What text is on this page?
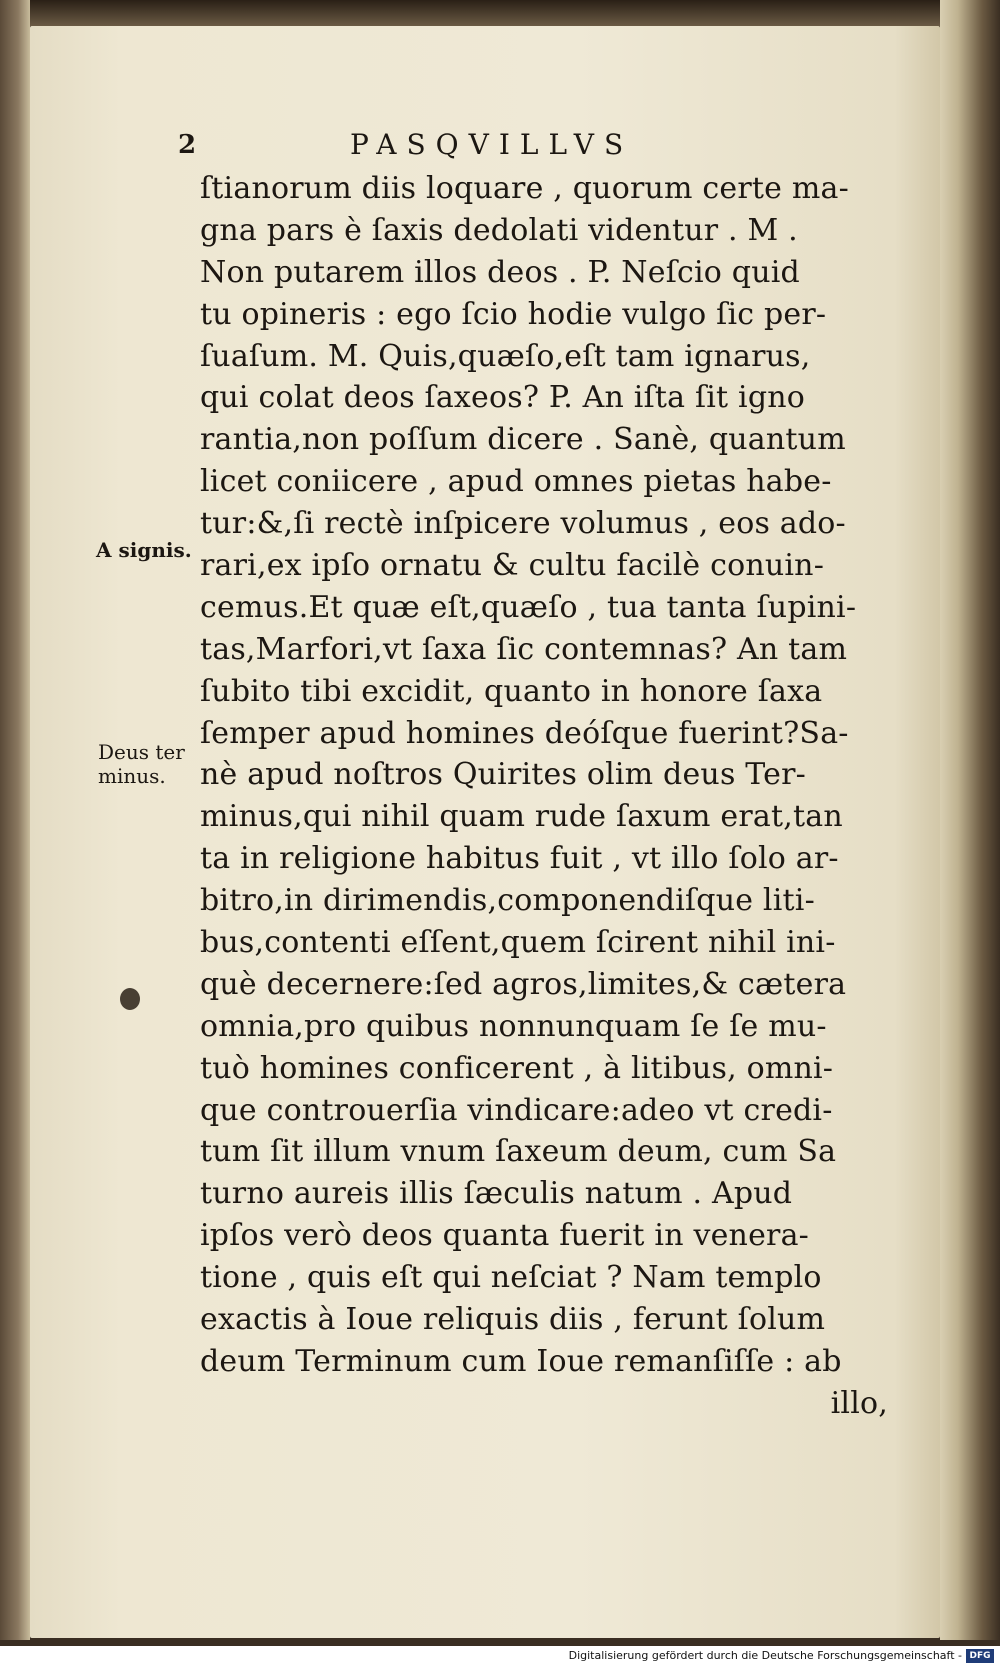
2	PASQVILLVS
A signis.
Deus ter minus.
ſtianorum diis loquare , quorum certe ma-
gna pars è ſaxis dedolati videntur . M .
Non putarem illos deos . P. Neſcio quid
tu opineris : ego ſcio hodie vulgo ſic per-
ſuaſum. M. Quis,quæſo,eſt tam ignarus,
qui colat deos ſaxeos? P. An iſta ſit igno
rantia,non poſſum dicere . Sanè, quantum
licet coniicere , apud omnes pietas habe-
tur:&,ſi rectè inſpicere volumus , eos ado-
rari,ex ipſo ornatu & cultu facilè conuin-
cemus.Et quæ eſt,quæſo , tua tanta ſupini-
tas,Marfori,vt ſaxa ſic contemnas? An tam
ſubito tibi excidit, quanto in honore ſaxa
ſemper apud homines deóſque fuerint?Sa-
nè apud noſtros Quirites olim deus Ter-
minus,qui nihil quam rude ſaxum erat,tan
ta in religione habitus fuit , vt illo ſolo ar-
bitro,in dirimendis,componendiſque liti-
bus,contenti eſſent,quem ſcirent nihil ini-
què decernere:ſed agros,limites,& cætera
omnia,pro quibus nonnunquam ſe ſe mu-
tuò homines conficerent , à litibus, omni-
que controuerſia vindicare:adeo vt credi-
tum ſit illum vnum ſaxeum deum, cum Sa
turno aureis illis ſæculis natum . Apud
ipſos verò deos quanta fuerit in venera-
tione , quis eſt qui neſciat ? Nam templo
exactis à Ioue reliquis diis , ferunt ſolum
deum Terminum cum Ioue remanſiſſe : ab
illo,
Digitalisierung gefördert durch die Deutsche Forschungsgemeinschaft - DFG
